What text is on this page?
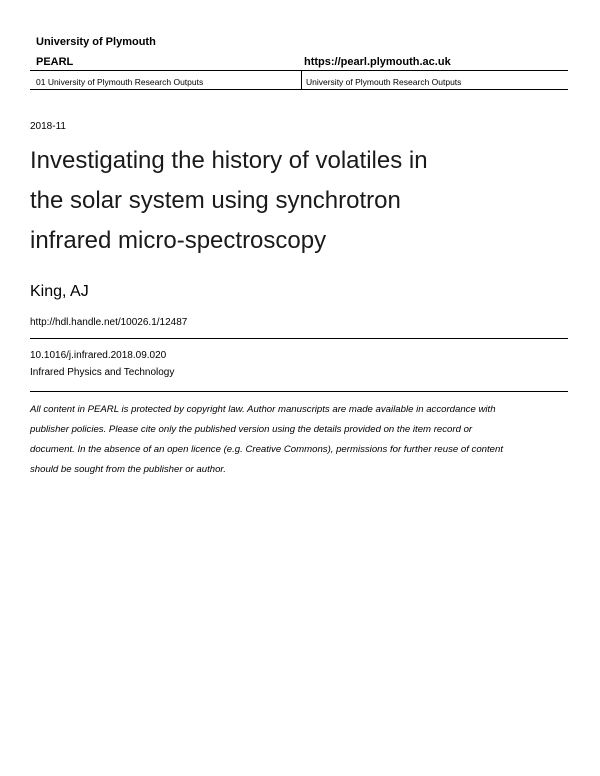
University of Plymouth
PEARL	https://pearl.plymouth.ac.uk
01 University of Plymouth Research Outputs	University of Plymouth Research Outputs
2018-11
Investigating the history of volatiles in
the solar system using synchrotron
infrared micro-spectroscopy
King, AJ
http://hdl.handle.net/10026.1/12487
10.1016/j.infrared.2018.09.020
Infrared Physics and Technology
All content in PEARL is protected by copyright law. Author manuscripts are made available in accordance with
publisher policies. Please cite only the published version using the details provided on the item record or
document. In the absence of an open licence (e.g. Creative Commons), permissions for further reuse of content
should be sought from the publisher or author.
